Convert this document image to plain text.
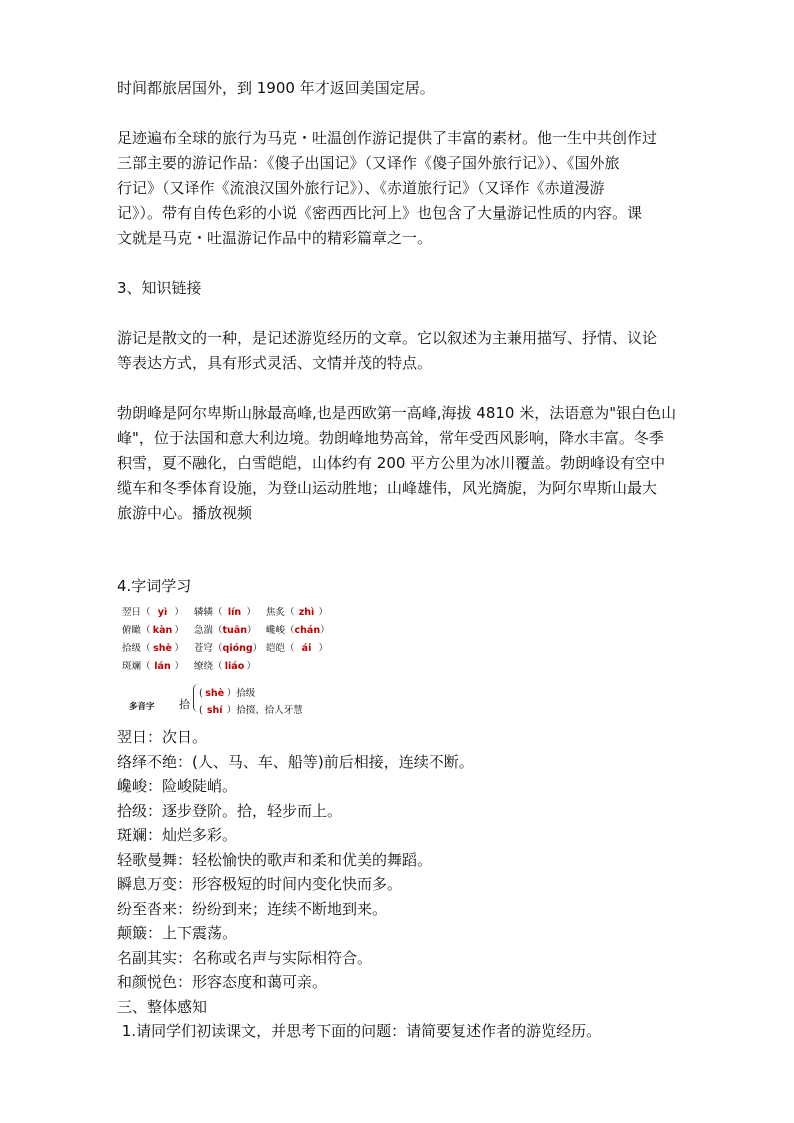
时间都旅居国外，到 1900 年才返回美国定居。

足迹遍布全球的旅行为马克・吐温创作游记提供了丰富的素材。他一生中共创作过
三部主要的游记作品：《傻子出国记》（又译作《傻子国外旅行记》）、《国外旅
行记》（又译作《流浪汉国外旅行记》）、《赤道旅行记》（又译作《赤道漫游
记》）。带有自传色彩的小说《密西西比河上》也包含了大量游记性质的内容。课
文就是马克・吐温游记作品中的精彩篇章之一。

3、知识链接

游记是散文的一种，是记述游览经历的文章。它以叙述为主兼用描写、抒情、议论
等表达方式，具有形式灵活、文情并茂的特点。

勃朗峰是阿尔卑斯山脉最高峰,也是西欧第一高峰,海拔 4810 米，法语意为"银白色山
峰"，位于法国和意大利边境。勃朗峰地势高耸，常年受西风影响，降水丰富。冬季
积雪，夏不融化，白雪皑皑，山体约有 200 平方公里为冰川覆盖。勃朗峰设有空中
缆车和冬季体育设施，为登山运动胜地；山峰雄伟，风光旖旎，为阿尔卑斯山最大
旅游中心。播放视频

4.字词学习

翌日（ yì ）	辚辚（ lín ）	焦炙（ zhì ）
俯瞰（ kàn ）	急湍（tuān） 巉峻（chán）
拾级（ shè ）	苍穹（qióng） 皑皑（ ái ）
斑斓（ lán ）	缭绕（ liáo ）
多音字 拾
( shè ）拾级
( shí ）拾掇、拾人牙慧
翌日：次日。
络绎不绝：(人、马、车、船等)前后相接，连续不断。
巉峻：险峻陡峭。
拾级：逐步登阶。拾，轻步而上。
斑斓：灿烂多彩。
轻歌曼舞：轻松愉快的歌声和柔和优美的舞蹈。
瞬息万变：形容极短的时间内变化快而多。
纷至沓来：纷纷到来；连续不断地到来。
颠簸：上下震荡。
名副其实：名称或名声与实际相符合。
和颜悦色：形容态度和蔼可亲。
三、整体感知
1.请同学们初读课文，并思考下面的问题：请简要复述作者的游览经历。
